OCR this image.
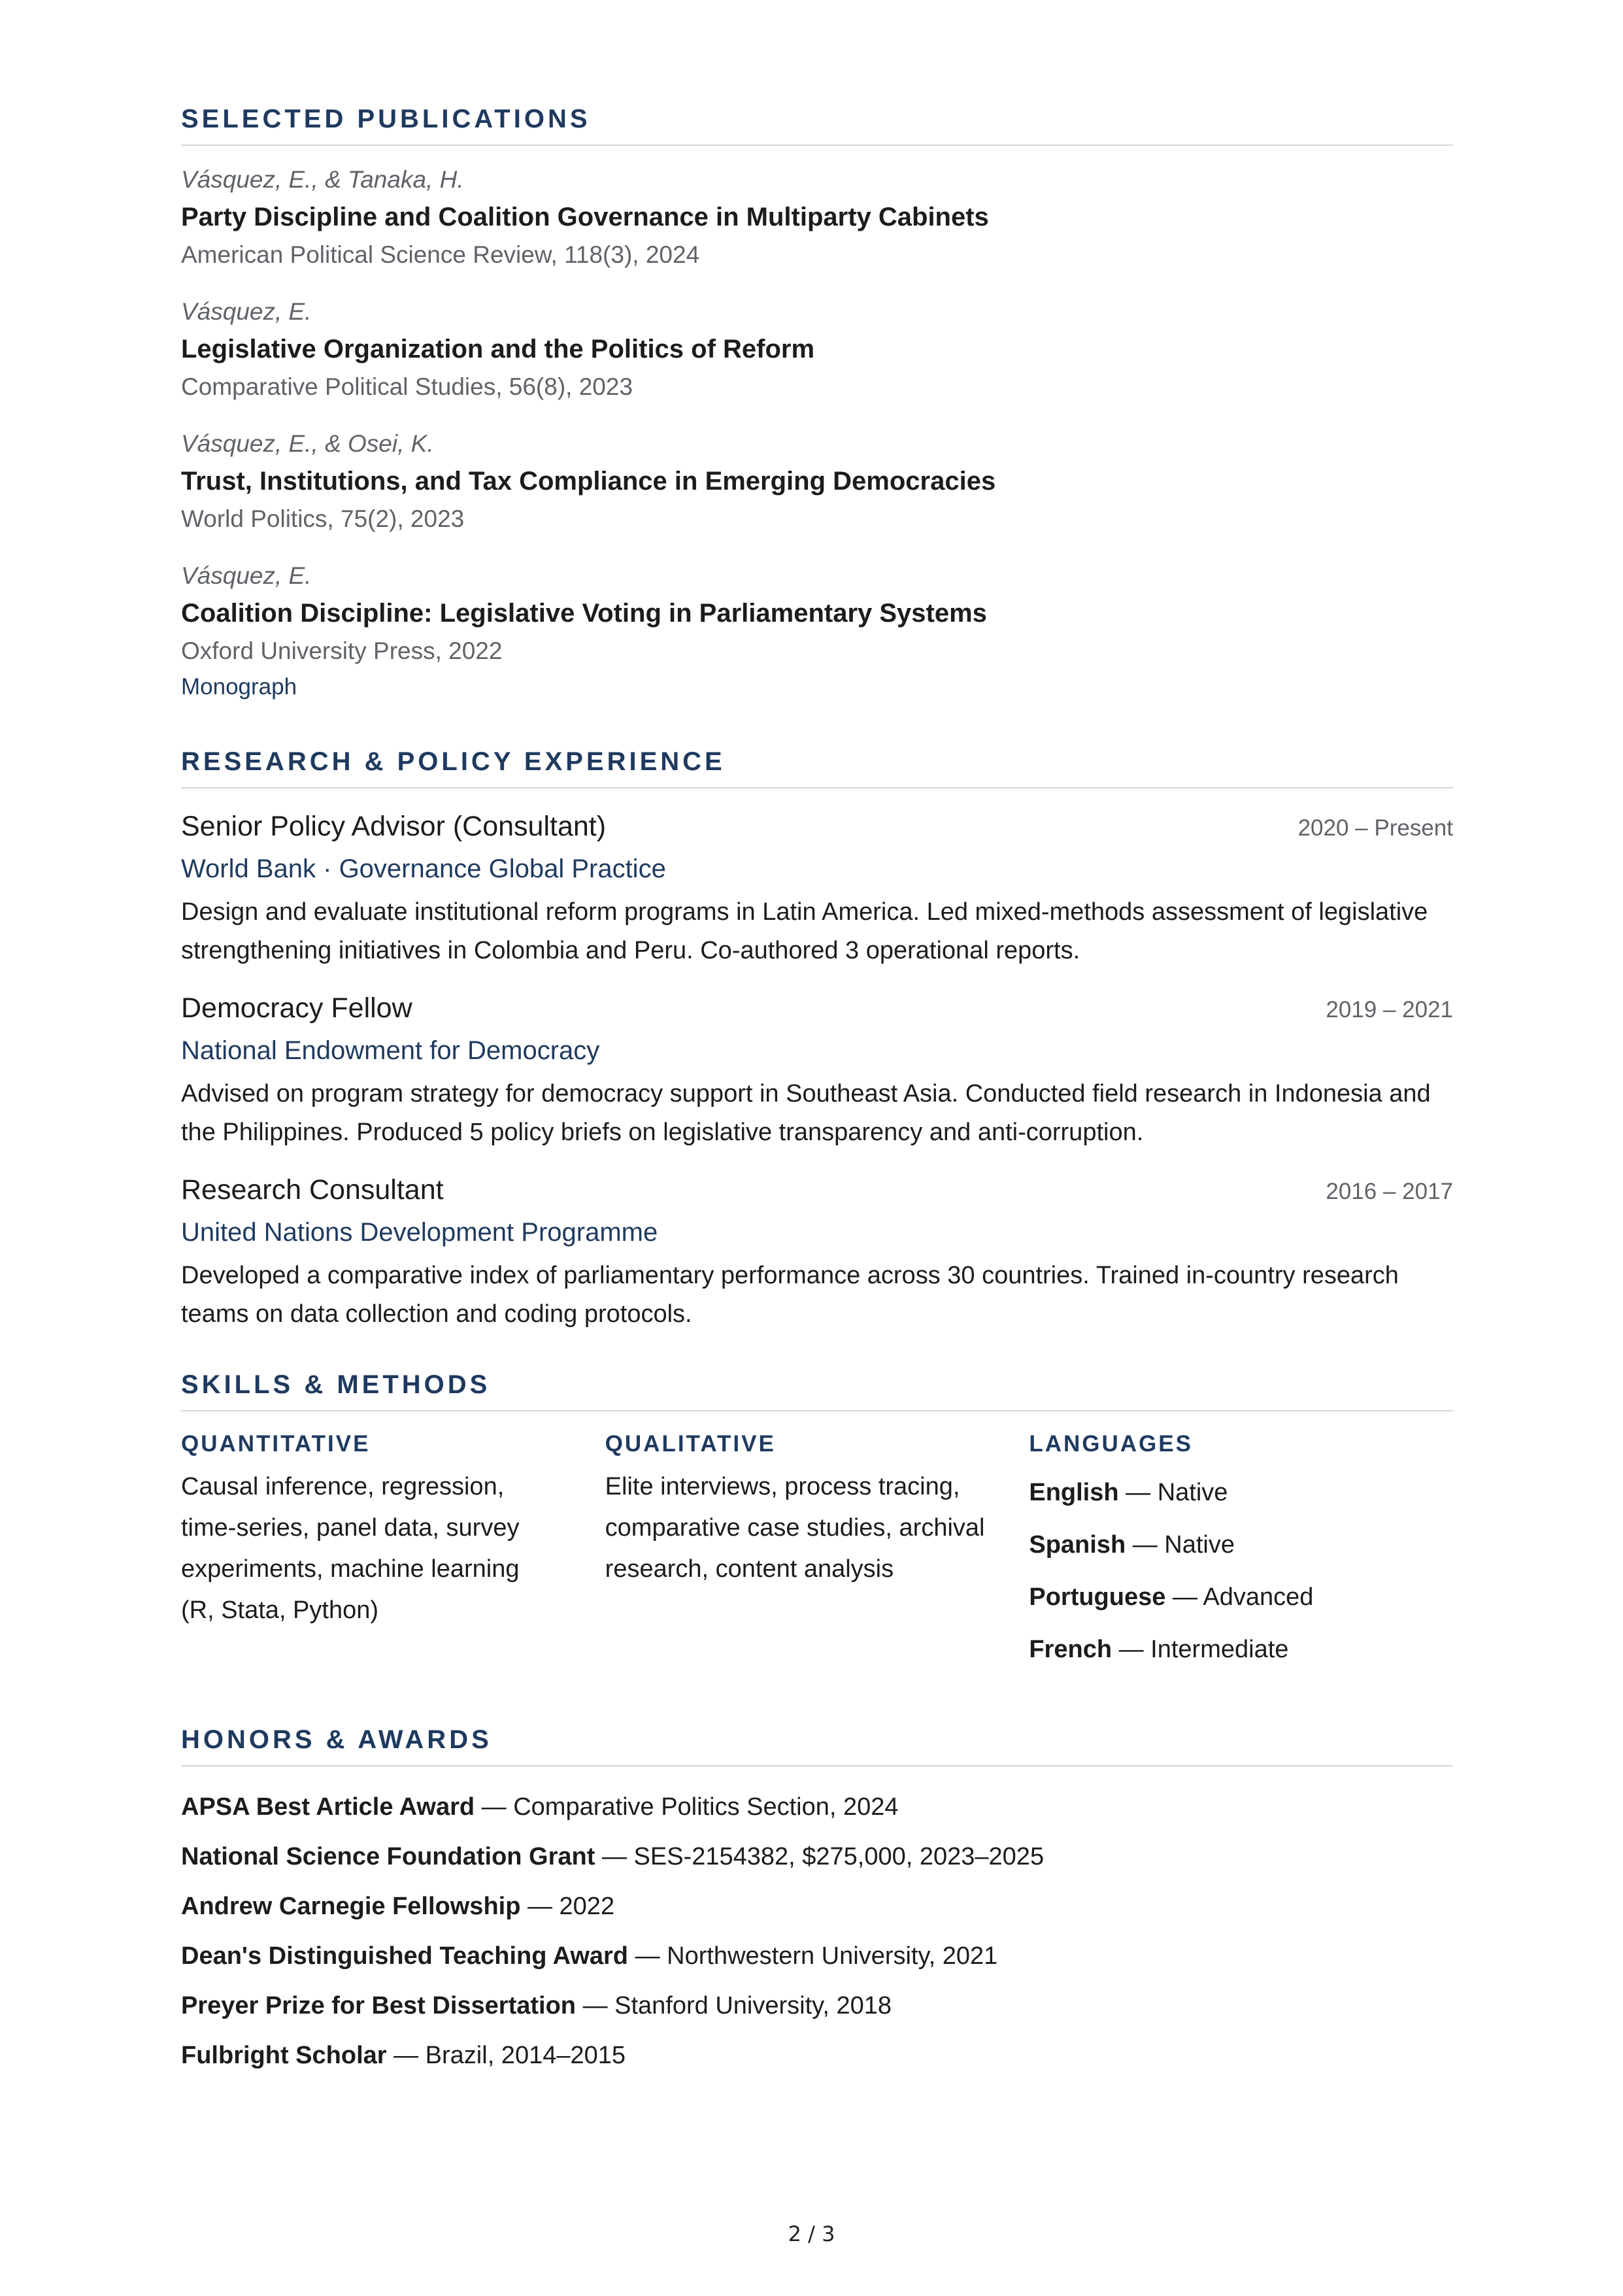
SELECTED PUBLICATIONS
Vásquez, E., & Tanaka, H.
Party Discipline and Coalition Governance in Multiparty Cabinets
American Political Science Review, 118(3), 2024
Vásquez, E.
Legislative Organization and the Politics of Reform
Comparative Political Studies, 56(8), 2023
Vásquez, E., & Osei, K.
Trust, Institutions, and Tax Compliance in Emerging Democracies
World Politics, 75(2), 2023
Vásquez, E.
Coalition Discipline: Legislative Voting in Parliamentary Systems
Oxford University Press, 2022
Monograph
RESEARCH & POLICY EXPERIENCE
Senior Policy Advisor (Consultant)	2020 – Present
World Bank · Governance Global Practice
Design and evaluate institutional reform programs in Latin America. Led mixed-methods assessment of legislative strengthening initiatives in Colombia and Peru. Co-authored 3 operational reports.
Democracy Fellow	2019 – 2021
National Endowment for Democracy
Advised on program strategy for democracy support in Southeast Asia. Conducted field research in Indonesia and the Philippines. Produced 5 policy briefs on legislative transparency and anti-corruption.
Research Consultant	2016 – 2017
United Nations Development Programme
Developed a comparative index of parliamentary performance across 30 countries. Trained in-country research teams on data collection and coding protocols.
SKILLS & METHODS
QUANTITATIVE
Causal inference, regression, time-series, panel data, survey experiments, machine learning (R, Stata, Python)
QUALITATIVE
Elite interviews, process tracing, comparative case studies, archival research, content analysis
LANGUAGES
English — Native
Spanish — Native
Portuguese — Advanced
French — Intermediate
HONORS & AWARDS
APSA Best Article Award — Comparative Politics Section, 2024
National Science Foundation Grant — SES-2154382, $275,000, 2023–2025
Andrew Carnegie Fellowship — 2022
Dean's Distinguished Teaching Award — Northwestern University, 2021
Preyer Prize for Best Dissertation — Stanford University, 2018
Fulbright Scholar — Brazil, 2014–2015
2 / 3
